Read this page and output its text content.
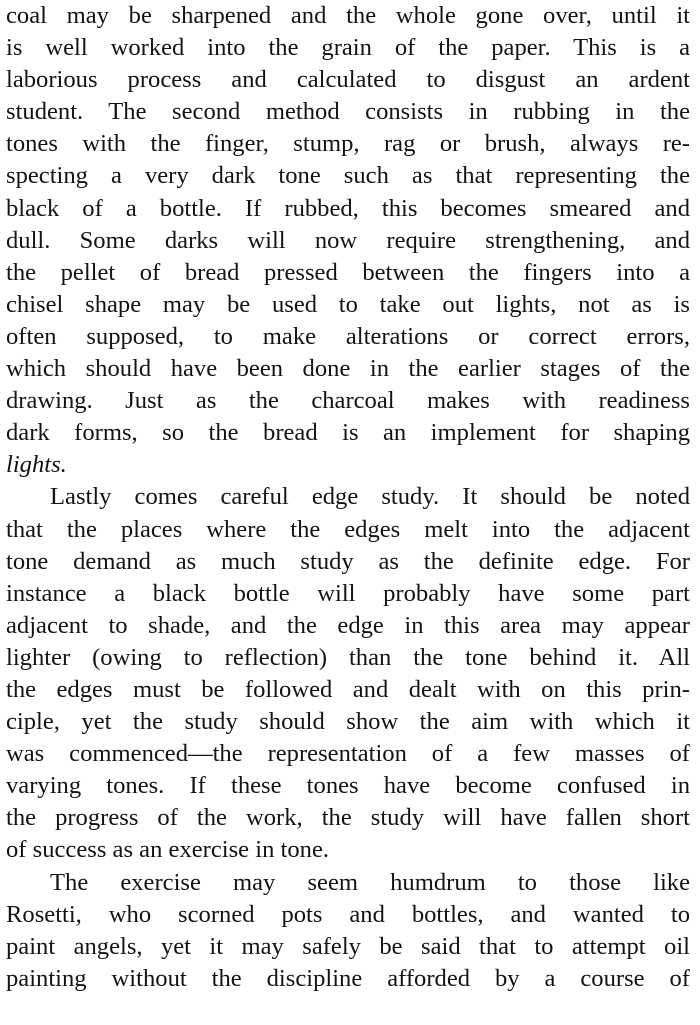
coal may be sharpened and the whole gone over, until it
is well worked into the grain of the paper. This is a
laborious process and calculated to disgust an ardent
student. The second method consists in rubbing in the
tones with the finger, stump, rag or brush, always re-
specting a very dark tone such as that representing the
black of a bottle. If rubbed, this becomes smeared and
dull. Some darks will now require strengthening, and
the pellet of bread pressed between the fingers into a
chisel shape may be used to take out lights, not as is
often supposed, to make alterations or correct errors,
which should have been done in the earlier stages of the
drawing. Just as the charcoal makes with readiness
dark forms, so the bread is an implement for shaping
lights.
Lastly comes careful edge study. It should be noted
that the places where the edges melt into the adjacent
tone demand as much study as the definite edge. For
instance a black bottle will probably have some part
adjacent to shade, and the edge in this area may appear
lighter (owing to reflection) than the tone behind it. All
the edges must be followed and dealt with on this prin-
ciple, yet the study should show the aim with which it
was commenced—the representation of a few masses of
varying tones. If these tones have become confused in
the progress of the work, the study will have fallen short
of success as an exercise in tone.
The exercise may seem humdrum to those like
Rosetti, who scorned pots and bottles, and wanted to
paint angels, yet it may safely be said that to attempt oil
painting without the discipline afforded by a course of
